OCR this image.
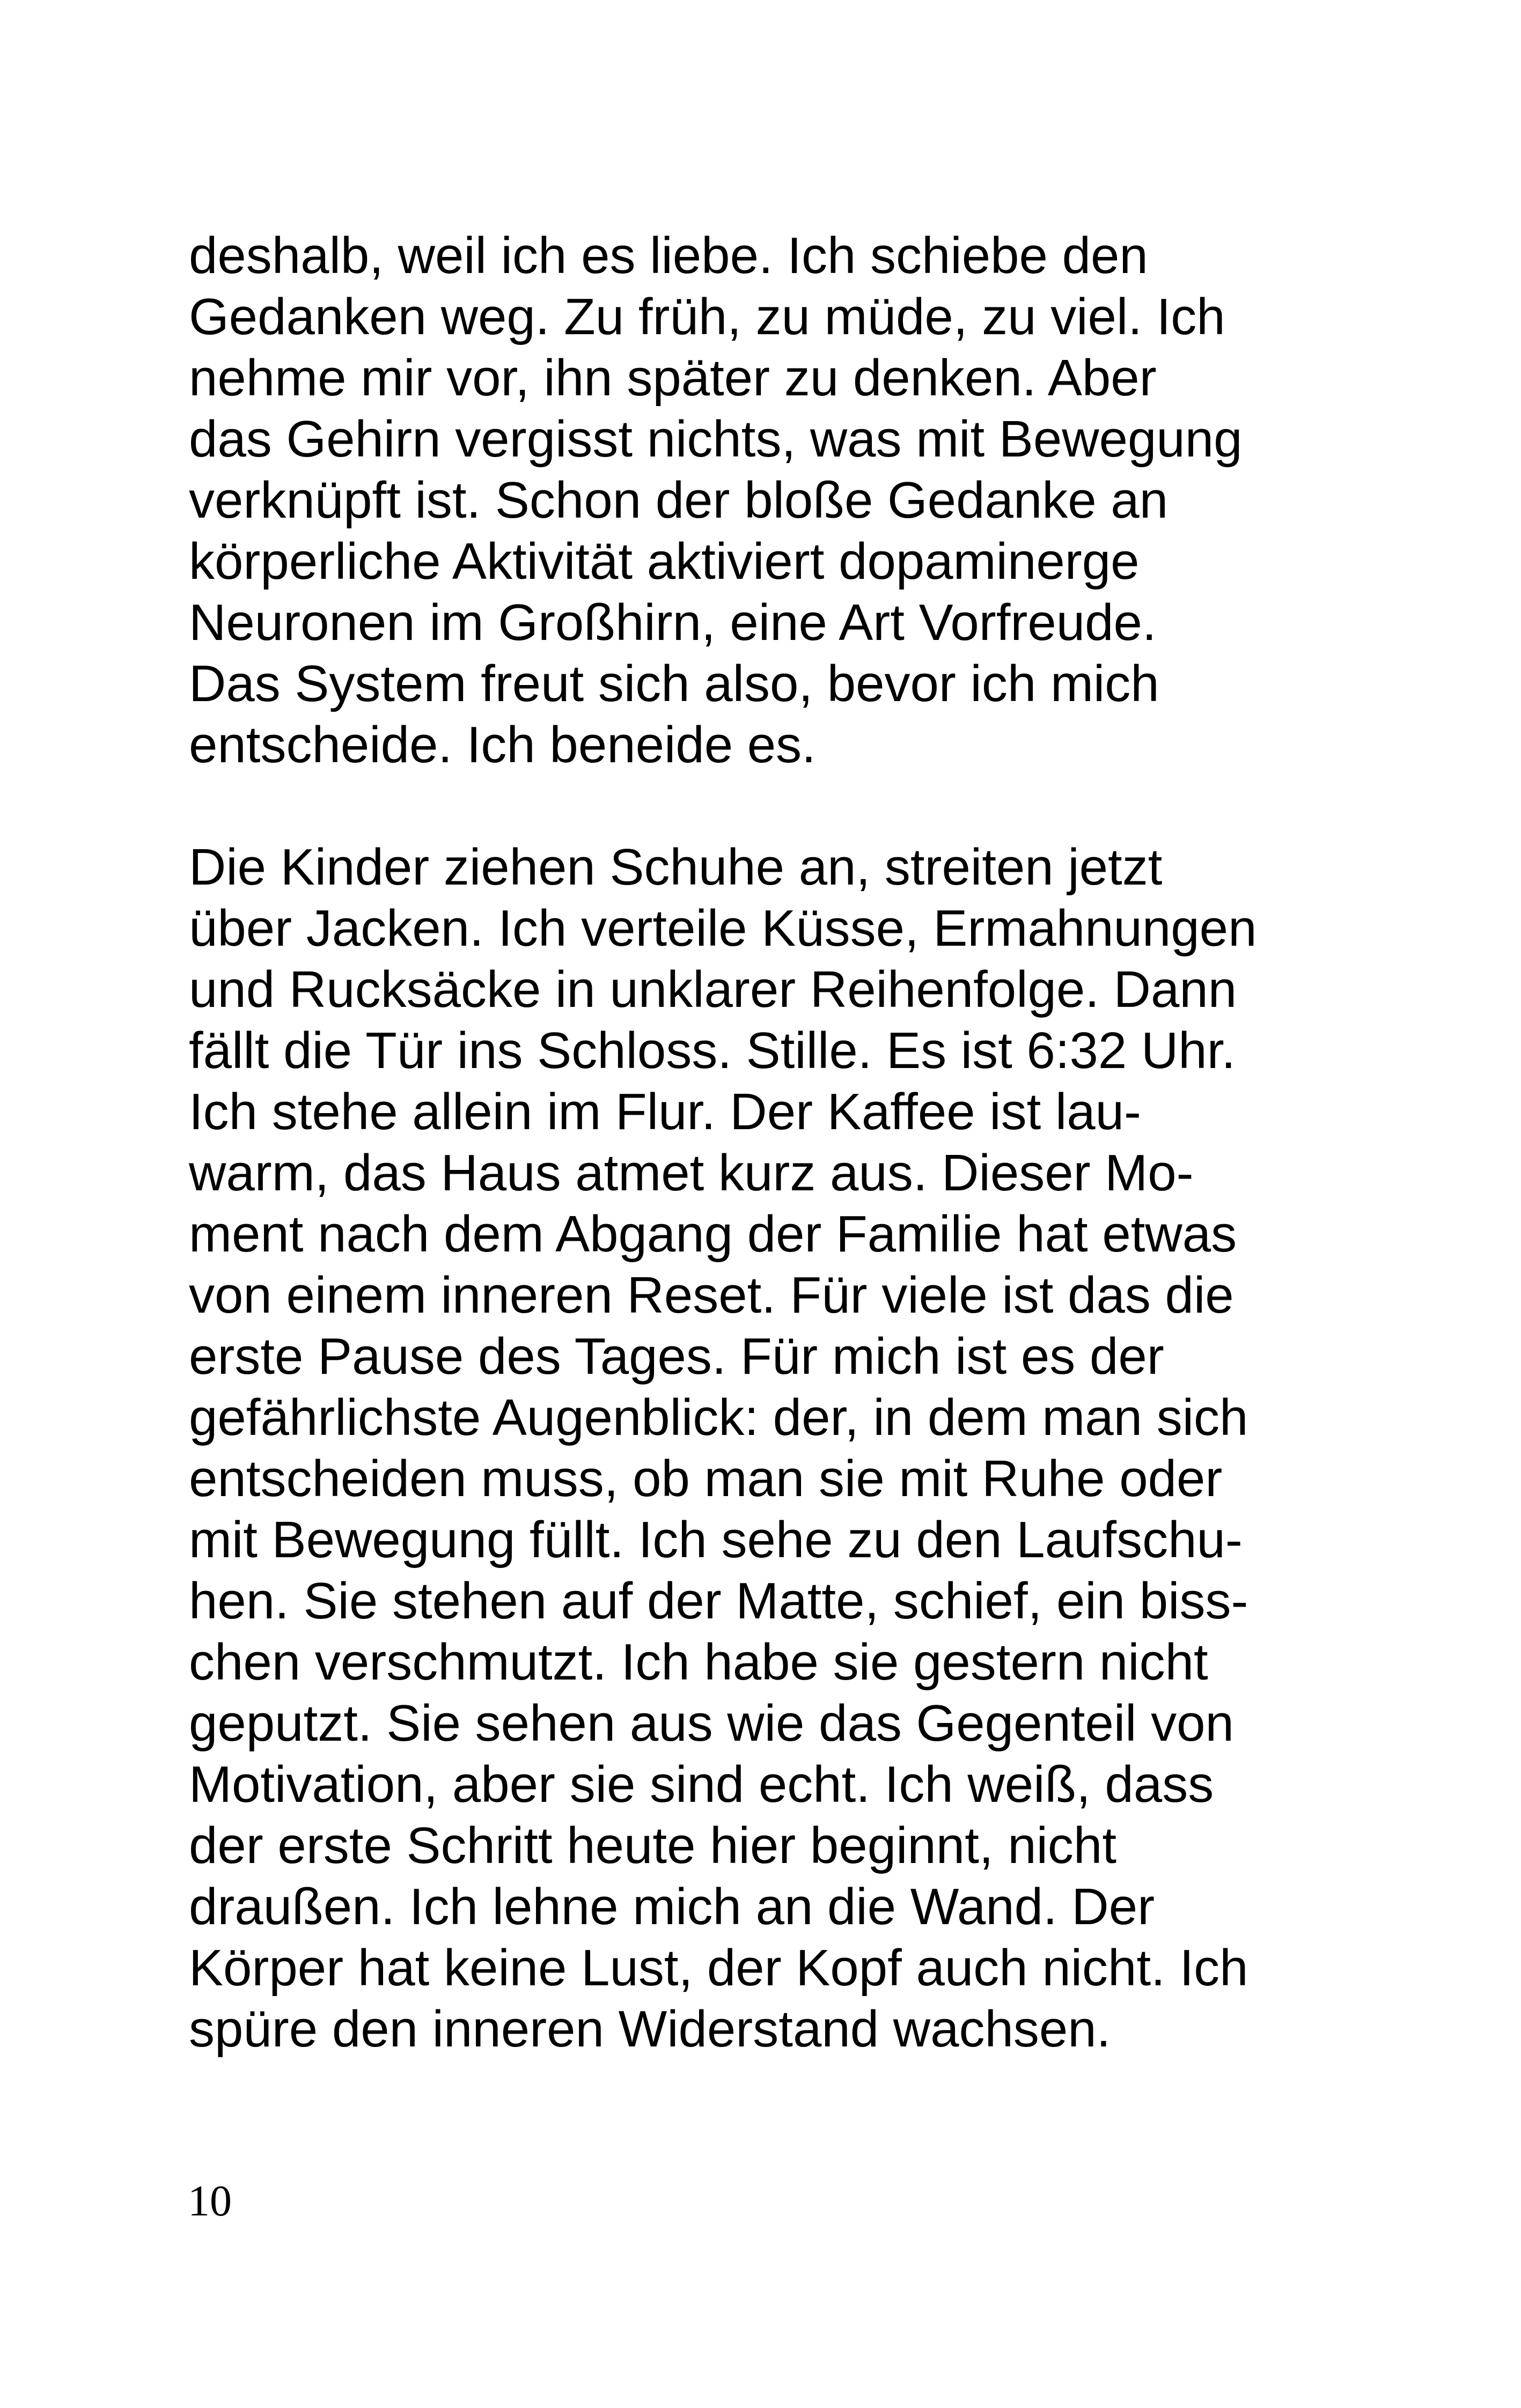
deshalb, weil ich es liebe. Ich schiebe den
Gedanken weg. Zu früh, zu müde, zu viel. Ich
nehme mir vor, ihn später zu denken. Aber
das Gehirn vergisst nichts, was mit Bewegung
verknüpft ist. Schon der bloße Gedanke an
körperliche Aktivität aktiviert dopaminerge
Neuronen im Großhirn, eine Art Vorfreude.
Das System freut sich also, bevor ich mich
entscheide. Ich beneide es.
Die Kinder ziehen Schuhe an, streiten jetzt
über Jacken. Ich verteile Küsse, Ermahnungen
und Rucksäcke in unklarer Reihenfolge. Dann
fällt die Tür ins Schloss. Stille. Es ist 6:32 Uhr.
Ich stehe allein im Flur. Der Kaffee ist lau-
warm, das Haus atmet kurz aus. Dieser Mo-
ment nach dem Abgang der Familie hat etwas
von einem inneren Reset. Für viele ist das die
erste Pause des Tages. Für mich ist es der
gefährlichste Augenblick: der, in dem man sich
entscheiden muss, ob man sie mit Ruhe oder
mit Bewegung füllt. Ich sehe zu den Laufschu-
hen. Sie stehen auf der Matte, schief, ein biss-
chen verschmutzt. Ich habe sie gestern nicht
geputzt. Sie sehen aus wie das Gegenteil von
Motivation, aber sie sind echt. Ich weiß, dass
der erste Schritt heute hier beginnt, nicht
draußen. Ich lehne mich an die Wand. Der
Körper hat keine Lust, der Kopf auch nicht. Ich
spüre den inneren Widerstand wachsen.
10
